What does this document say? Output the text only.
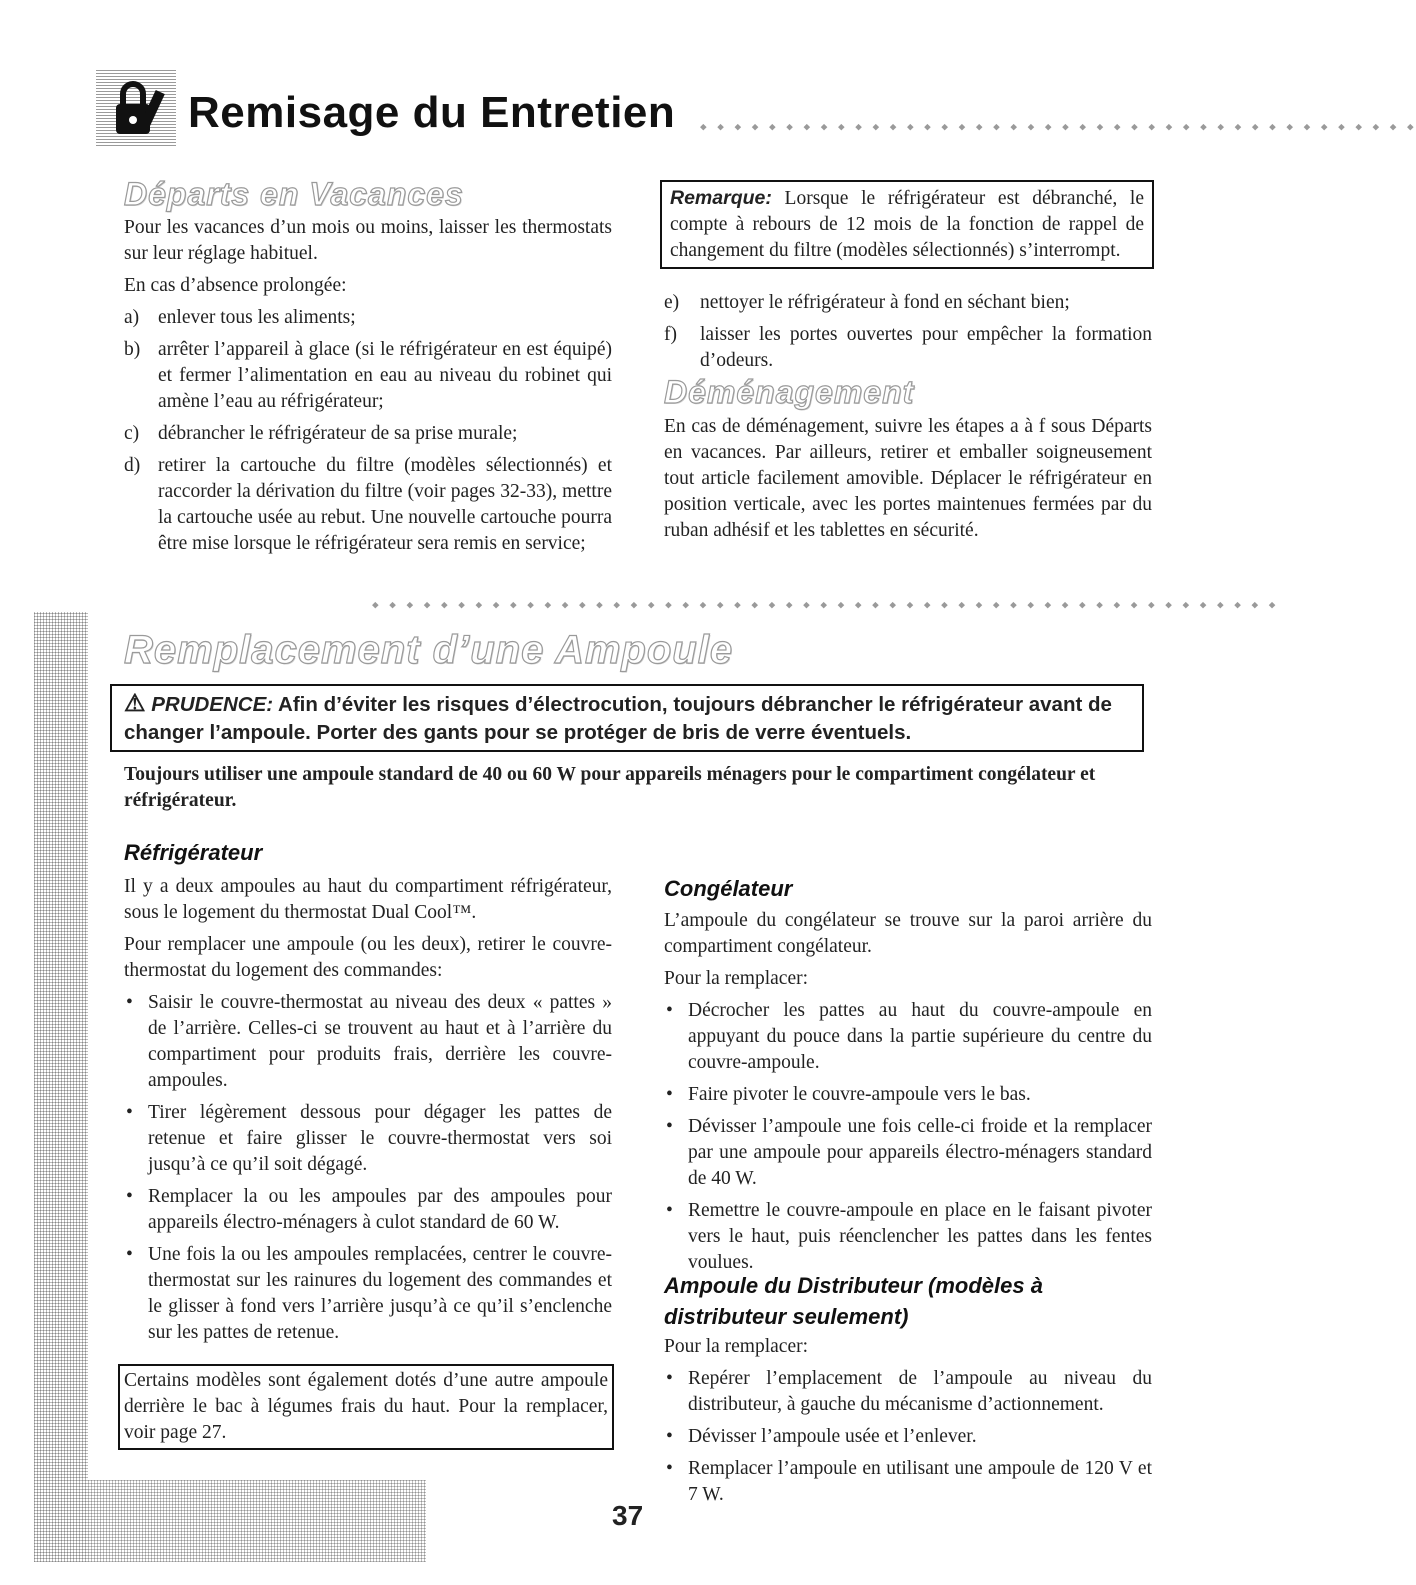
Remisage du Entretien ◆ ◆ ◆ ◆ ◆ ◆ ◆ ◆ ◆ ◆ ◆ ◆ ◆ ◆ ◆ ◆ ◆ ◆ ◆ ◆ ◆ ◆ ◆ ◆ ◆ ◆ ◆ ◆ ◆ ◆ ◆ ◆ ◆ ◆ ◆ ◆ ◆ ◆ ◆ ◆ ◆ ◆
Départs en Vacances

Pour les vacances d’un mois ou moins, laisser les thermostats sur leur réglage habituel.

En cas d’absence prolongée:

a) enlever tous les aliments;
b) arrêter l’appareil à glace (si le réfrigérateur en est équipé) et fermer l’alimentation en eau au niveau du robinet qui amène l’eau au réfrigérateur;
c) débrancher le réfrigérateur de sa prise murale;
d) retirer la cartouche du filtre (modèles sélectionnés) et raccorder la dérivation du filtre (voir pages 32-33), mettre la cartouche usée au rebut. Une nouvelle cartouche pourra être mise lorsque le réfrigérateur sera remis en service;
Remarque: Lorsque le réfrigérateur est débranché, le compte à rebours de 12 mois de la fonction de rappel de changement du filtre (modèles sélectionnés) s’interrompt.
e) nettoyer le réfrigérateur à fond en séchant bien;
f) laisser les portes ouvertes pour empêcher la formation d’odeurs.
Déménagement
En cas de déménagement, suivre les étapes a à f sous Départs en vacances. Par ailleurs, retirer et emballer soigneusement tout article facilement amovible. Déplacer le réfrigérateur en position verticale, avec les portes maintenues fermées par du ruban adhésif et les tablettes en sécurité.
◆ ◆ ◆ ◆ ◆ ◆ ◆ ◆ ◆ ◆ ◆ ◆ ◆ ◆ ◆ ◆ ◆ ◆ ◆ ◆ ◆ ◆ ◆ ◆ ◆ ◆ ◆ ◆ ◆ ◆ ◆ ◆ ◆ ◆ ◆ ◆ ◆ ◆ ◆ ◆ ◆ ◆ ◆ ◆ ◆ ◆ ◆ ◆ ◆ ◆ ◆ ◆ ◆
Remplacement d’une Ampoule
⚠ PRUDENCE: Afin d’éviter les risques d’électrocution, toujours débrancher le réfrigérateur avant de changer l’ampoule. Porter des gants pour se protéger de bris de verre éventuels.
Toujours utiliser une ampoule standard de 40 ou 60 W pour appareils ménagers pour le compartiment congélateur et réfrigérateur.
Réfrigérateur

Il y a deux ampoules au haut du compartiment réfrigérateur, sous le logement du thermostat Dual Cool™.

Pour remplacer une ampoule (ou les deux), retirer le couvre-thermostat du logement des commandes:

• Saisir le couvre-thermostat au niveau des deux « pattes » de l’arrière. Celles-ci se trouvent au haut et à l’arrière du compartiment pour produits frais, derrière les couvre-ampoules.
• Tirer légèrement dessous pour dégager les pattes de retenue et faire glisser le couvre-thermostat vers soi jusqu’à ce qu’il soit dégagé.
• Remplacer la ou les ampoules par des ampoules pour appareils électro-ménagers à culot standard de 60 W.
• Une fois la ou les ampoules remplacées, centrer le couvre-thermostat sur les rainures du logement des commandes et le glisser à fond vers l’arrière jusqu’à ce qu’il s’enclenche sur les pattes de retenue.
Certains modèles sont également dotés d’une autre ampoule derrière le bac à légumes frais du haut. Pour la remplacer, voir page 27.
Congélateur

L’ampoule du congélateur se trouve sur la paroi arrière du compartiment congélateur.

Pour la remplacer:

• Décrocher les pattes au haut du couvre-ampoule en appuyant du pouce dans la partie supérieure du centre du couvre-ampoule.
• Faire pivoter le couvre-ampoule vers le bas.
• Dévisser l’ampoule une fois celle-ci froide et la remplacer par une ampoule pour appareils électro-ménagers standard de 40 W.
• Remettre le couvre-ampoule en place en le faisant pivoter vers le haut, puis réenclencher les pattes dans les fentes voulues.
Ampoule du Distributeur (modèles à distributeur seulement)

Pour la remplacer:

• Repérer l’emplacement de l’ampoule au niveau du distributeur, à gauche du mécanisme d’actionnement.
• Dévisser l’ampoule usée et l’enlever.
• Remplacer l’ampoule en utilisant une ampoule de 120 V et 7 W.
37
